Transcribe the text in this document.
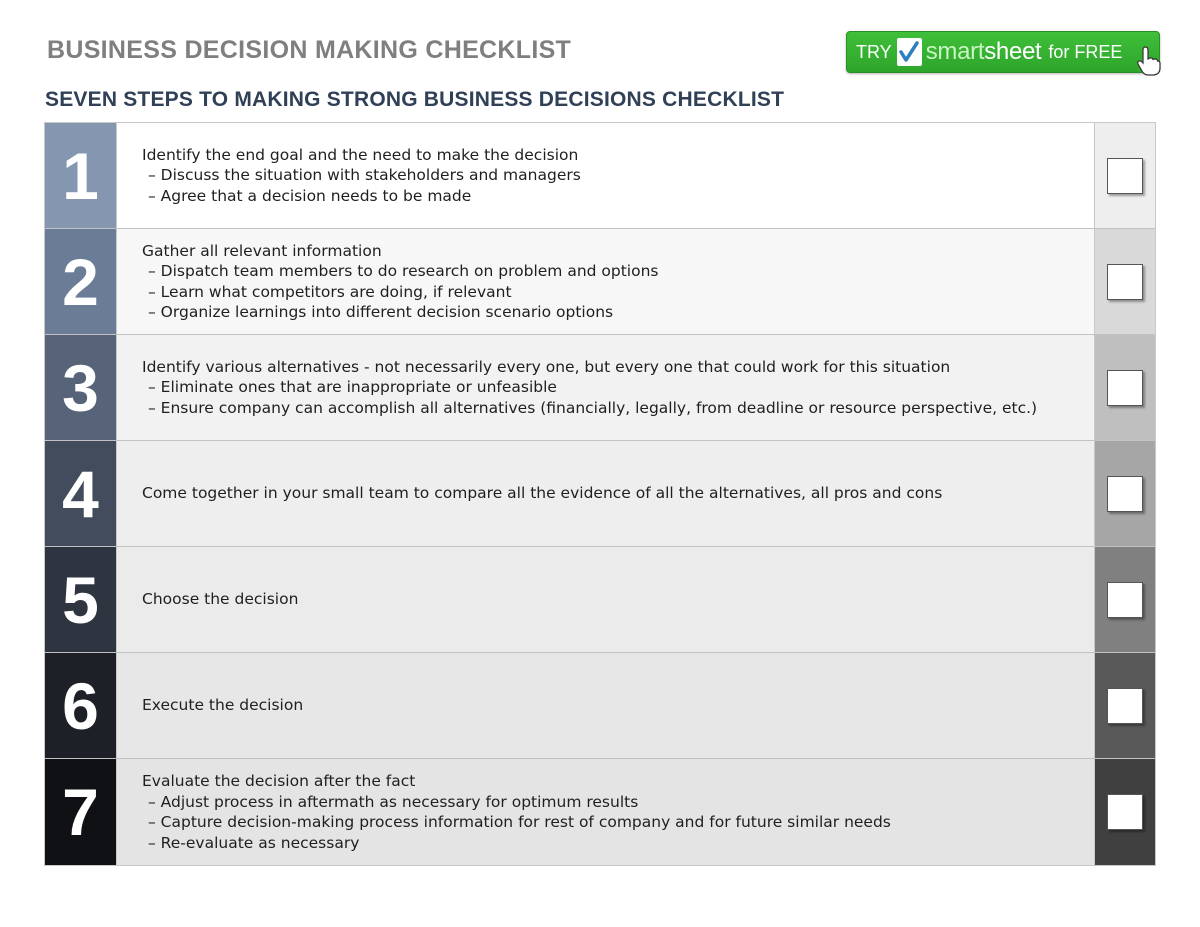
BUSINESS DECISION MAKING CHECKLIST	TRY smartsheet for FREE
SEVEN STEPS TO MAKING STRONG BUSINESS DECISIONS CHECKLIST
1	Identify the end goal and the need to make the decision
– Discuss the situation with stakeholders and managers
– Agree that a decision needs to be made
2	Gather all relevant information
– Dispatch team members to do research on problem and options
– Learn what competitors are doing, if relevant
– Organize learnings into different decision scenario options
3	Identify various alternatives - not necessarily every one, but every one that could work for this situation
– Eliminate ones that are inappropriate or unfeasible
– Ensure company can accomplish all alternatives (financially, legally, from deadline or resource perspective, etc.)
4	Come together in your small team to compare all the evidence of all the alternatives, all pros and cons
5	Choose the decision
6	Execute the decision
7	Evaluate the decision after the fact
– Adjust process in aftermath as necessary for optimum results
– Capture decision-making process information for rest of company and for future similar needs
– Re-evaluate as necessary
